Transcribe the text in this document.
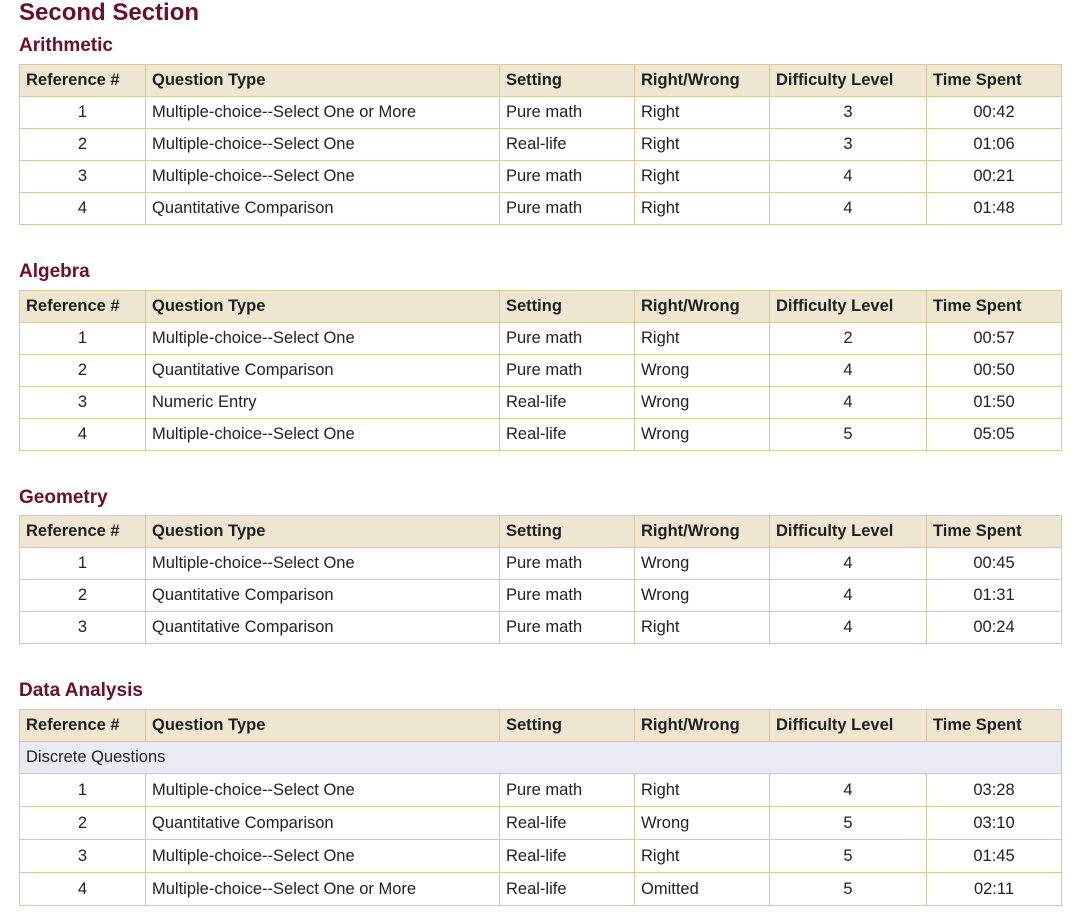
Second Section
Arithmetic
Reference #	Question Type	Setting	Right/Wrong	Difficulty Level	Time Spent
1	Multiple-choice--Select One or More	Pure math	Right	3	00:42
2	Multiple-choice--Select One	Real-life	Right	3	01:06
3	Multiple-choice--Select One	Pure math	Right	4	00:21
4	Quantitative Comparison	Pure math	Right	4	01:48
Algebra
Reference #	Question Type	Setting	Right/Wrong	Difficulty Level	Time Spent
1	Multiple-choice--Select One	Pure math	Right	2	00:57
2	Quantitative Comparison	Pure math	Wrong	4	00:50
3	Numeric Entry	Real-life	Wrong	4	01:50
4	Multiple-choice--Select One	Real-life	Wrong	5	05:05
Geometry
Reference #	Question Type	Setting	Right/Wrong	Difficulty Level	Time Spent
1	Multiple-choice--Select One	Pure math	Wrong	4	00:45
2	Quantitative Comparison	Pure math	Wrong	4	01:31
3	Quantitative Comparison	Pure math	Right	4	00:24
Data Analysis
Reference #	Question Type	Setting	Right/Wrong	Difficulty Level	Time Spent
Discrete Questions					
1	Multiple-choice--Select One	Pure math	Right	4	03:28
2	Quantitative Comparison	Real-life	Wrong	5	03:10
3	Multiple-choice--Select One	Real-life	Right	5	01:45
4	Multiple-choice--Select One or More	Real-life	Omitted	5	02:11
